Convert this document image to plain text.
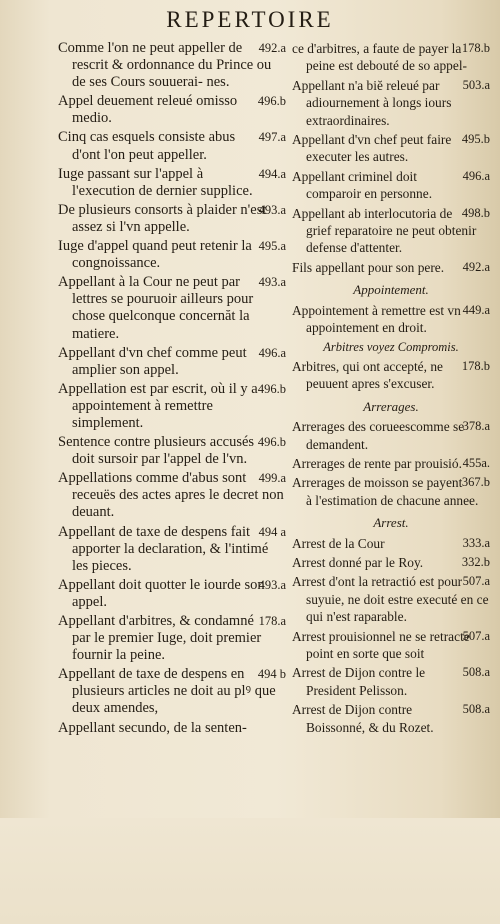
REPERTOIRE
492.a
Comme l'on ne peut appeller de rescrit & ordonnance du Prince ou de ses Cours souuerai- nes.
496.b
Appel deuement releué omisso medio.
497.a
Cinq cas esquels consiste abus d'ont l'on peut appeller.
494.a
Iuge passant sur l'appel à l'execution de dernier supplice.
493.a
De plusieurs consorts à plaider n'est assez si l'vn appelle.
495.a
Iuge d'appel quand peut retenir la congnoissance.
493.a
Appellant à la Cour ne peut par lettres se pouruoir ailleurs pour chose quelconque concernăt la matiere.
496.a
Appellant d'vn chef comme peut amplier son appel.
496.b
Appellation est par escrit, où il y a appointement à remettre simplement.
496.b
Sentence contre plusieurs accusés doit sursoir par l'appel de l'vn.
499.a
Appellations comme d'abus sont receuës des actes apres le decret non deuant.
494 a
Appellant de taxe de despens fait apporter la declaration, & l'intimé les pieces.
493.a
Appellant doit quotter le iourde son appel.
178.a
Appellant d'arbitres, & condamné par le premier Iuge, doit premier fournir la peine.
494 b
Appellant de taxe de despens en plusieurs articles ne doit au plꝰ que deux amendes,
Appellant secundo, de la senten-
178.b
ce d'arbitres, a faute de payer la peine est debouté de so appel-
503.a
Appellant n'a biĕ releué par adiournement à longs iours extraordinaires.
495.b
Appellant d'vn chef peut faire executer les autres.
496.a
Appellant criminel doit comparoir en personne.
498.b
Appellant ab interlocutoria de grief reparatoire ne peut obtenir defense d'attenter.
492.a
Fils appellant pour son pere.
Appointement.
449.a
Appointement à remettre est vn appointement en droit.
Arbitres voyez Compromis.
178.b
Arbitres, qui ont accepté, ne peuuent apres s'excuser.
Arrerages.
378.a
Arrerages des corueescomme se demandent.
455a.
Arrerages de rente par prouisió.
367.b
Arrerages de moisson se payent à l'estimation de chacune annee.
Arrest.
333.a
Arrest de la Cour
332.b
Arrest donné par le Roy.
507.a
Arrest d'ont la retractió est pour suyuie, ne doit estre executé en ce qui n'est raparable.
507.a
Arrest prouisionnel ne se retracte point en sorte que soit
508.a
Arrest de Dijon contre le President Pelisson.
508.a
Arrest de Dijon contre Boissonné, & du Rozet.
